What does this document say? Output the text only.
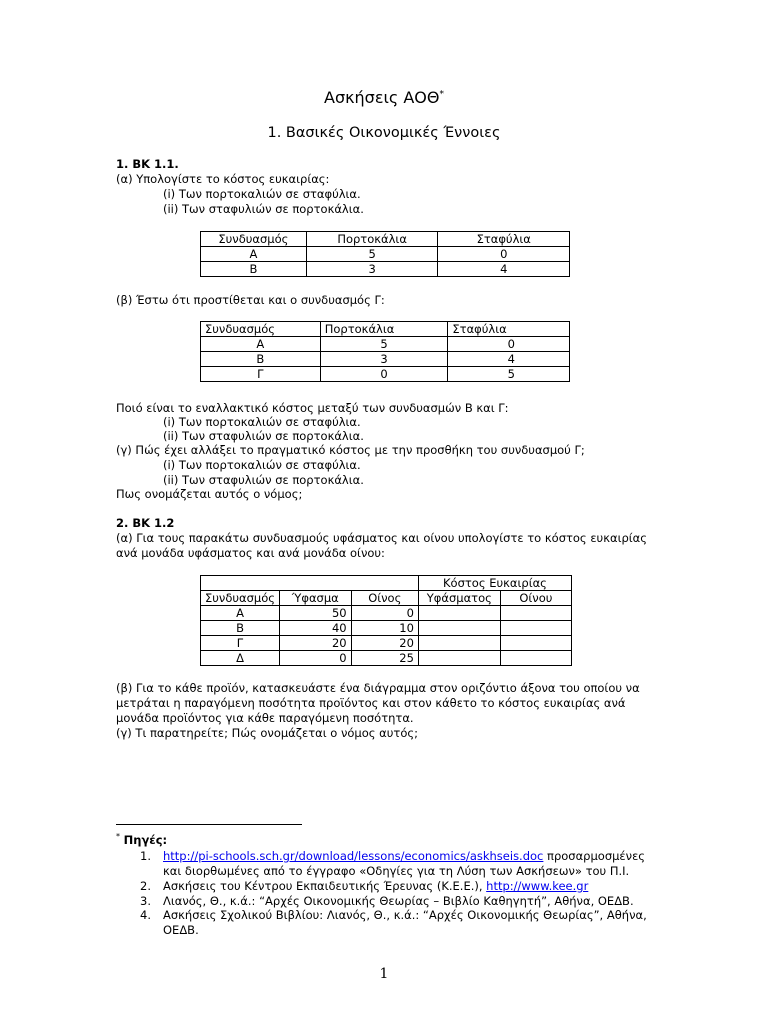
Ασκήσεις ΑΟΘ*
1. Βασικές Οικονομικές Έννοιες
1. ΒΚ 1.1.
(α) Υπολογίστε το κόστος ευκαιρίας:
(i) Των πορτοκαλιών σε σταφύλια.
(ii) Των σταφυλιών σε πορτοκάλια.
Συνδυασμός	Πορτοκάλια	Σταφύλια
Α	5	0
Β	3	4
(β) Έστω ότι προστίθεται και ο συνδυασμός Γ:
Συνδυασμός	Πορτοκάλια	Σταφύλια
Α	5	0
Β	3	4
Γ	0	5
Ποιό είναι το εναλλακτικό κόστος μεταξύ των συνδυασμών Β και Γ:
(i) Των πορτοκαλιών σε σταφύλια.
(ii) Των σταφυλιών σε πορτοκάλια.
(γ) Πώς έχει αλλάξει το πραγματικό κόστος με την προσθήκη του συνδυασμού Γ;
(i) Των πορτοκαλιών σε σταφύλια.
(ii) Των σταφυλιών σε πορτοκάλια.
Πως ονομάζεται αυτός ο νόμος;
2. ΒΚ 1.2
(α) Για τους παρακάτω συνδυασμούς υφάσματος και οίνου υπολογίστε το κόστος ευκαιρίας
ανά μονάδα υφάσματος και ανά μονάδα οίνου:
			Κόστος Ευκαιρίας	
Συνδυασμός	Ύφασμα	Οίνος	Υφάσματος	Οίνου
Α	50	0		
Β	40	10		
Γ	20	20		
Δ	0	25		
(β) Για το κάθε προϊόν, κατασκευάστε ένα διάγραμμα στον οριζόντιο άξονα του οποίου να
μετράται η παραγόμενη ποσότητα προϊόντος και στον κάθετο το κόστος ευκαιρίας ανά
μονάδα προϊόντος για κάθε παραγόμενη ποσότητα.
(γ) Τι παρατηρείτε; Πώς ονομάζεται ο νόμος αυτός;
* Πηγές:
1. http://pi-schools.sch.gr/download/lessons/economics/askhseis.doc προσαρμοσμένες
και διορθωμένες από το έγγραφο «Οδηγίες για τη Λύση των Ασκήσεων» του Π.Ι.
2. Ασκήσεις του Κέντρου Εκπαιδευτικής Έρευνας (Κ.Ε.Ε.), http://www.kee.gr
3. Λιανός, Θ., κ.ά.: “Αρχές Οικονομικής Θεωρίας – Βιβλίο Καθηγητή”, Αθήνα, ΟΕΔΒ.
4. Ασκήσεις Σχολικού Βιβλίου: Λιανός, Θ., κ.ά.: “Αρχές Οικονομικής Θεωρίας”, Αθήνα,
ΟΕΔΒ.
1
